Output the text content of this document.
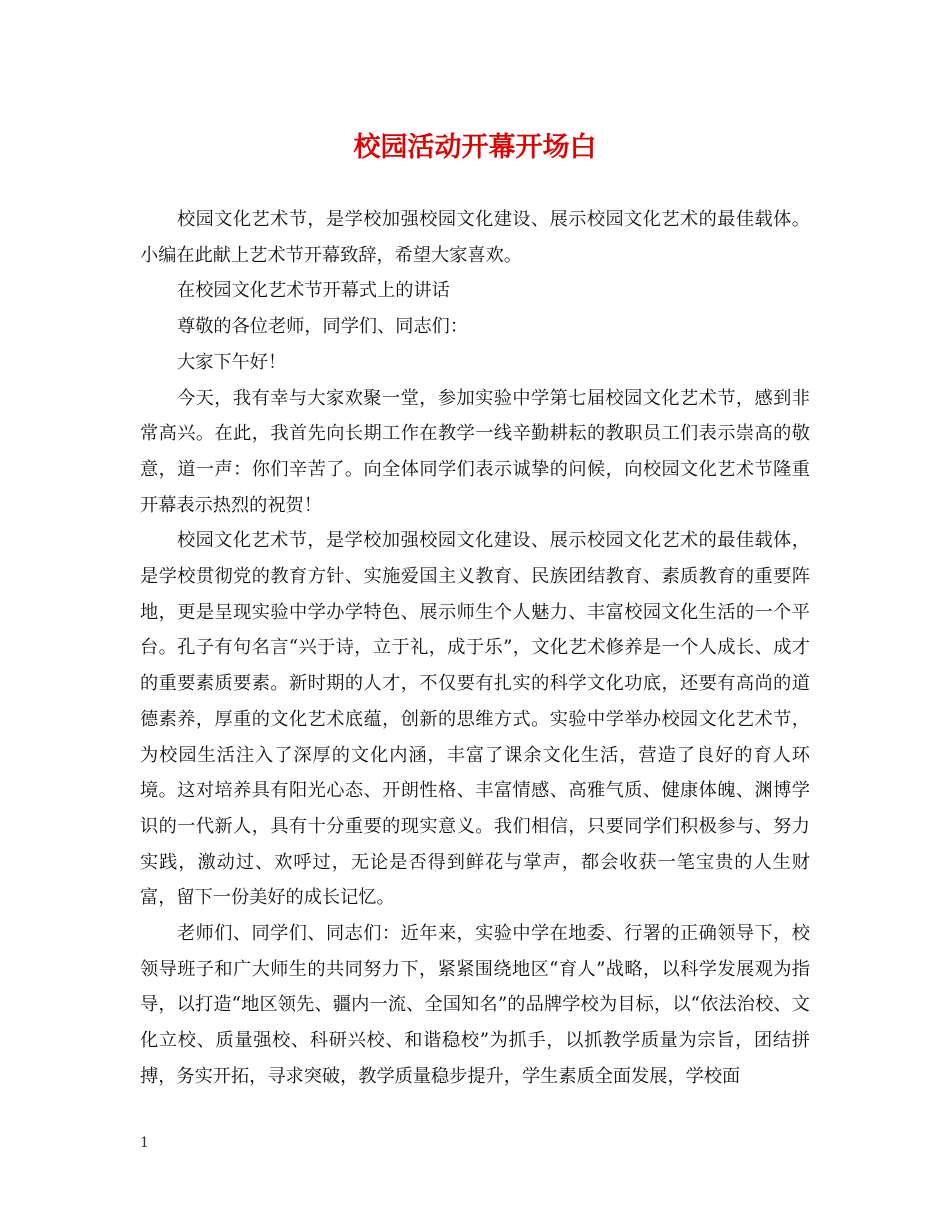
校园活动开幕开场白

校园文化艺术节，是学校加强校园文化建设、展示校园文化艺术的最佳载体。小编在此献上艺术节开幕致辞，希望大家喜欢。

在校园文化艺术节开幕式上的讲话

尊敬的各位老师，同学们、同志们：

大家下午好！

今天，我有幸与大家欢聚一堂，参加实验中学第七届校园文化艺术节，感到非常高兴。在此，我首先向长期工作在教学一线辛勤耕耘的教职员工们表示崇高的敬意，道一声：你们辛苦了。向全体同学们表示诚挚的问候，向校园文化艺术节隆重开幕表示热烈的祝贺！

校园文化艺术节，是学校加强校园文化建设、展示校园文化艺术的最佳载体，是学校贯彻党的教育方针、实施爱国主义教育、民族团结教育、素质教育的重要阵地，更是呈现实验中学办学特色、展示师生个人魅力、丰富校园文化生活的一个平台。孔子有句名言“兴于诗，立于礼，成于乐”，文化艺术修养是一个人成长、成才的重要素质要素。新时期的人才，不仅要有扎实的科学文化功底，还要有高尚的道德素养，厚重的文化艺术底蕴，创新的思维方式。实验中学举办校园文化艺术节，为校园生活注入了深厚的文化内涵，丰富了课余文化生活，营造了良好的育人环境。这对培养具有阳光心态、开朗性格、丰富情感、高雅气质、健康体魄、渊博学识的一代新人，具有十分重要的现实意义。我们相信，只要同学们积极参与、努力实践，激动过、欢呼过，无论是否得到鲜花与掌声，都会收获一笔宝贵的人生财富，留下一份美好的成长记忆。

老师们、同学们、同志们：近年来，实验中学在地委、行署的正确领导下，校领导班子和广大师生的共同努力下，紧紧围绕地区“育人”战略，以科学发展观为指导，以打造“地区领先、疆内一流、全国知名”的品牌学校为目标，以“依法治校、文化立校、质量强校、科研兴校、和谐稳校”为抓手，以抓教学质量为宗旨，团结拼搏，务实开拓，寻求突破，教学质量稳步提升，学生素质全面发展，学校面

1
